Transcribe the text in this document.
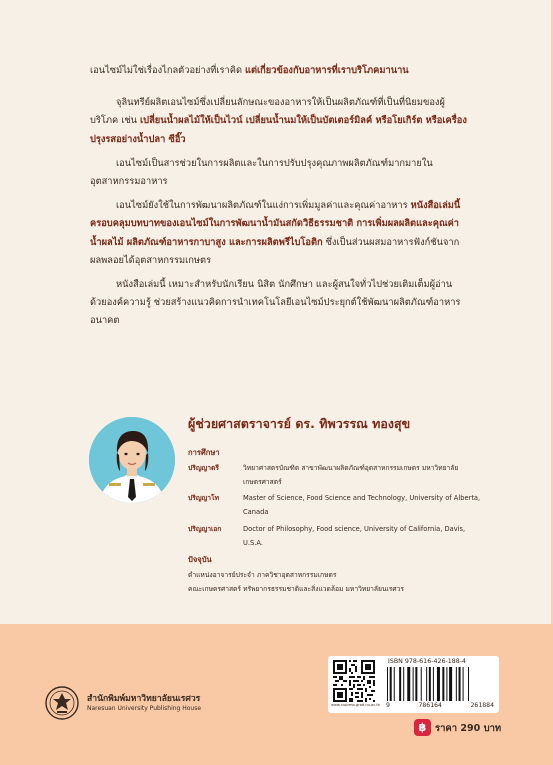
เอนไซม์ไม่ใช่เรื่องไกลตัวอย่างที่เราคิด แต่เกี่ยวข้องกับอาหารที่เราบริโภคมานาน

จุลินทรีย์ผลิตเอนไซม์ซึ่งเปลี่ยนลักษณะของอาหารให้เป็นผลิตภัณฑ์ที่เป็นที่นิยมของผู้บริโภค เช่น เปลี่ยนน้ำผลไม้ให้เป็นไวน์ เปลี่ยนน้ำนมให้เป็นบัตเตอร์มิลค์ หรือโยเกิร์ต หรือเครื่องปรุงรสอย่างน้ำปลา ซีอิ๊ว

เอนไซม์เป็นสารช่วยในการผลิตและในการปรับปรุงคุณภาพผลิตภัณฑ์มากมายในอุตสาหกรรมอาหาร

เอนไซม์ยังใช้ในการพัฒนาผลิตภัณฑ์ในแง่การเพิ่มมูลค่าและคุณค่าอาหาร หนังสือเล่มนี้ครอบคลุมบทบาทของเอนไซม์ในการพัฒนาน้ำมันสกัดวิธีธรรมชาติ การเพิ่มผลผลิตและคุณค่าน้ำผลไม้ ผลิตภัณฑ์อาหารกาบาสูง และการผลิตพรีไบโอติก ซึ่งเป็นส่วนผสมอาหารฟังก์ชันจากผลพลอยได้อุตสาหกรรมเกษตร

หนังสือเล่มนี้ เหมาะสำหรับนักเรียน นิสิต นักศึกษา และผู้สนใจทั่วไปช่วยเติมเต็มผู้อ่านด้วยองค์ความรู้ ช่วยสร้างแนวคิดการนำเทคโนโลยีเอนไซม์ประยุกต์ใช้พัฒนาผลิตภัณฑ์อาหารอนาคต

ผู้ช่วยศาสตราจารย์ ดร. ทิพวรรณ ทองสุข
การศึกษา
ปริญญาตรี	วิทยาศาสตรบัณฑิต สาขาพัฒนาผลิตภัณฑ์อุตสาหกรรมเกษตร มหาวิทยาลัยเกษตรศาสตร์
ปริญญาโท	Master of Science, Food Science and Technology, University of Alberta, Canada
ปริญญาเอก	Doctor of Philosophy, Food science, University of California, Davis, U.S.A.
ปัจจุบัน
ตำแหน่งอาจารย์ประจำ ภาควิชาอุตสาหกรรมเกษตร
คณะเกษตรศาสตร์ ทรัพยากรธรรมชาติและสิ่งแวดล้อม มหาวิทยาลัยนเรศวร
สำนักพิมพ์มหาวิทยาลัยนเรศวร
Naresuan University Publishing House	www.nupress.grad.nu.ac.th
ISBN 978-616-426-188-4
9	786164	261884
฿ ราคา 290 บาท
